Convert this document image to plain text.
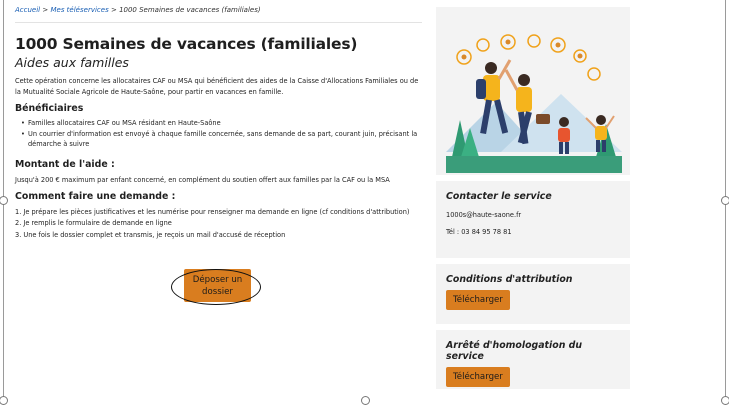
Accueil > Mes téléservices > 1000 Semaines de vacances (familiales)
1000 Semaines de vacances (familiales)
Aides aux familles
Cette opération concerne les allocataires CAF ou MSA qui bénéficient des aides de la Caisse d'Allocations Familiales ou de la Mutualité Sociale Agricole de Haute-Saône, pour partir en vacances en famille.
Bénéficiaires
• Familles allocataires CAF ou MSA résidant en Haute-Saône
• Un courrier d'information est envoyé à chaque famille concernée, sans demande de sa part, courant juin, précisant la démarche à suivre
Montant de l'aide :
Jusqu'à 200 € maximum par enfant concerné, en complément du soutien offert aux familles par la CAF ou la MSA
Comment faire une demande :
1. Je prépare les pièces justificatives et les numérise pour renseigner ma demande en ligne (cf conditions d'attribution)
2. Je remplis le formulaire de demande en ligne
3. Une fois le dossier complet et transmis, je reçois un mail d'accusé de réception
Déposer un dossier
Contacter le service
1000s@haute-saone.fr
Tél : 03 84 95 78 81
Conditions d'attribution
Télécharger
Arrêté d'homologation du service
Télécharger
